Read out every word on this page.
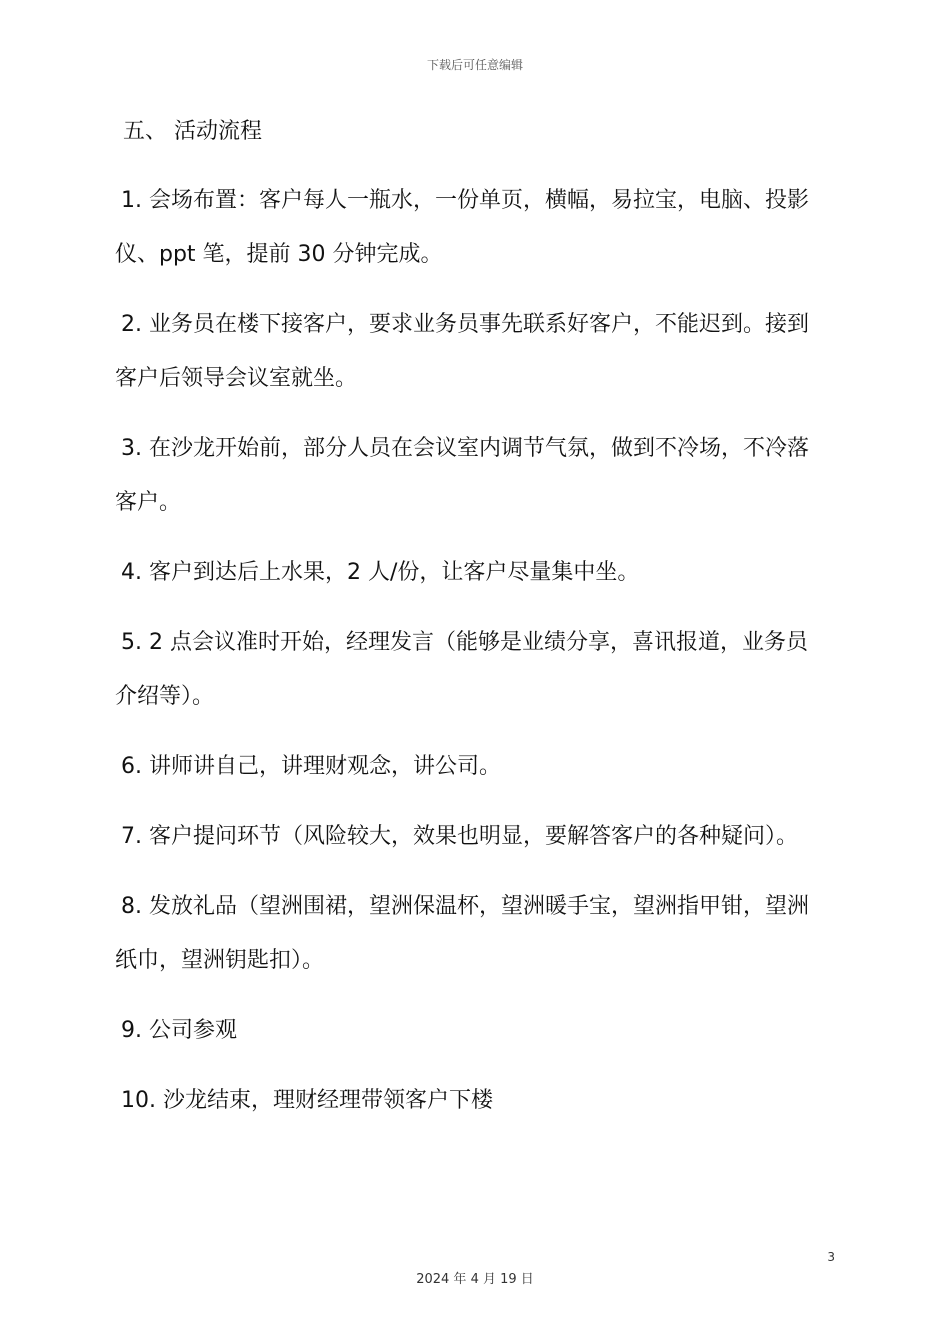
下载后可任意编辑
五、 活动流程
1. 会场布置：客户每人一瓶水，一份单页，横幅，易拉宝，电脑、投影仪、ppt 笔，提前 30 分钟完成。
2. 业务员在楼下接客户，要求业务员事先联系好客户，不能迟到。接到客户后领导会议室就坐。
3. 在沙龙开始前，部分人员在会议室内调节气氛，做到不冷场，不冷落客户。
4. 客户到达后上水果，2 人/份，让客户尽量集中坐。
5. 2 点会议准时开始，经理发言（能够是业绩分享，喜讯报道，业务员介绍等）。
6. 讲师讲自己，讲理财观念，讲公司。
7. 客户提问环节（风险较大，效果也明显，要解答客户的各种疑问）。
8. 发放礼品（望洲围裙，望洲保温杯，望洲暖手宝，望洲指甲钳，望洲纸巾，望洲钥匙扣）。
9. 公司参观
10. 沙龙结束，理财经理带领客户下楼
3
2024 年 4 月 19 日
